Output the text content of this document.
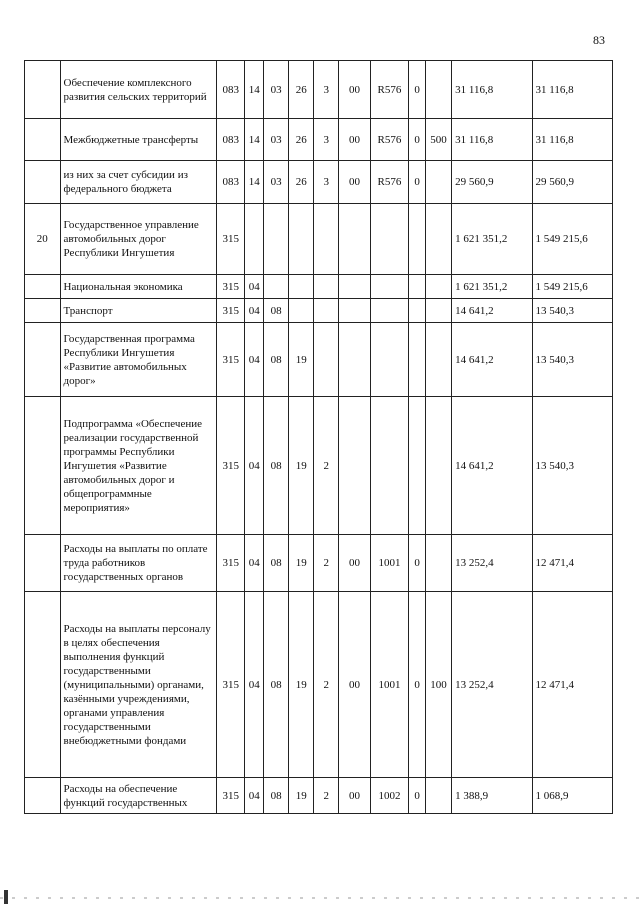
83
	Обеспечение комплексного развития сельских территорий	083	14	03	26	3	00	R576	0		31 116,8	31 116,8
	Межбюджетные трансферты	083	14	03	26	3	00	R576	0	500	31 116,8	31 116,8
	из них за счет субсидии из федерального бюджета	083	14	03	26	3	00	R576	0		29 560,9	29 560,9
20	Государственное управление автомобильных дорог Республики Ингушетия	315									1 621 351,2	1 549 215,6
	Национальная экономика	315	04								1 621 351,2	1 549 215,6
	Транспорт	315	04	08							14 641,2	13 540,3
	Государственная программа Республики Ингушетия «Развитие автомобильных дорог»	315	04	08	19						14 641,2	13 540,3
	Подпрограмма «Обеспечение реализации государственной программы Республики Ингушетия «Развитие автомобильных дорог и общепрограммные мероприятия»	315	04	08	19	2					14 641,2	13 540,3
	Расходы на выплаты по оплате труда работников государственных органов	315	04	08	19	2	00	1001	0		13 252,4	12 471,4
	Расходы на выплаты персоналу в целях обеспечения выполнения функций государственными (муниципальными) органами, казёнными учреждениями, органами управления государственными внебюджетными фондами	315	04	08	19	2	00	1001	0	100	13 252,4	12 471,4
	Расходы на обеспечение функций государственных	315	04	08	19	2	00	1002	0		1 388,9	1 068,9
